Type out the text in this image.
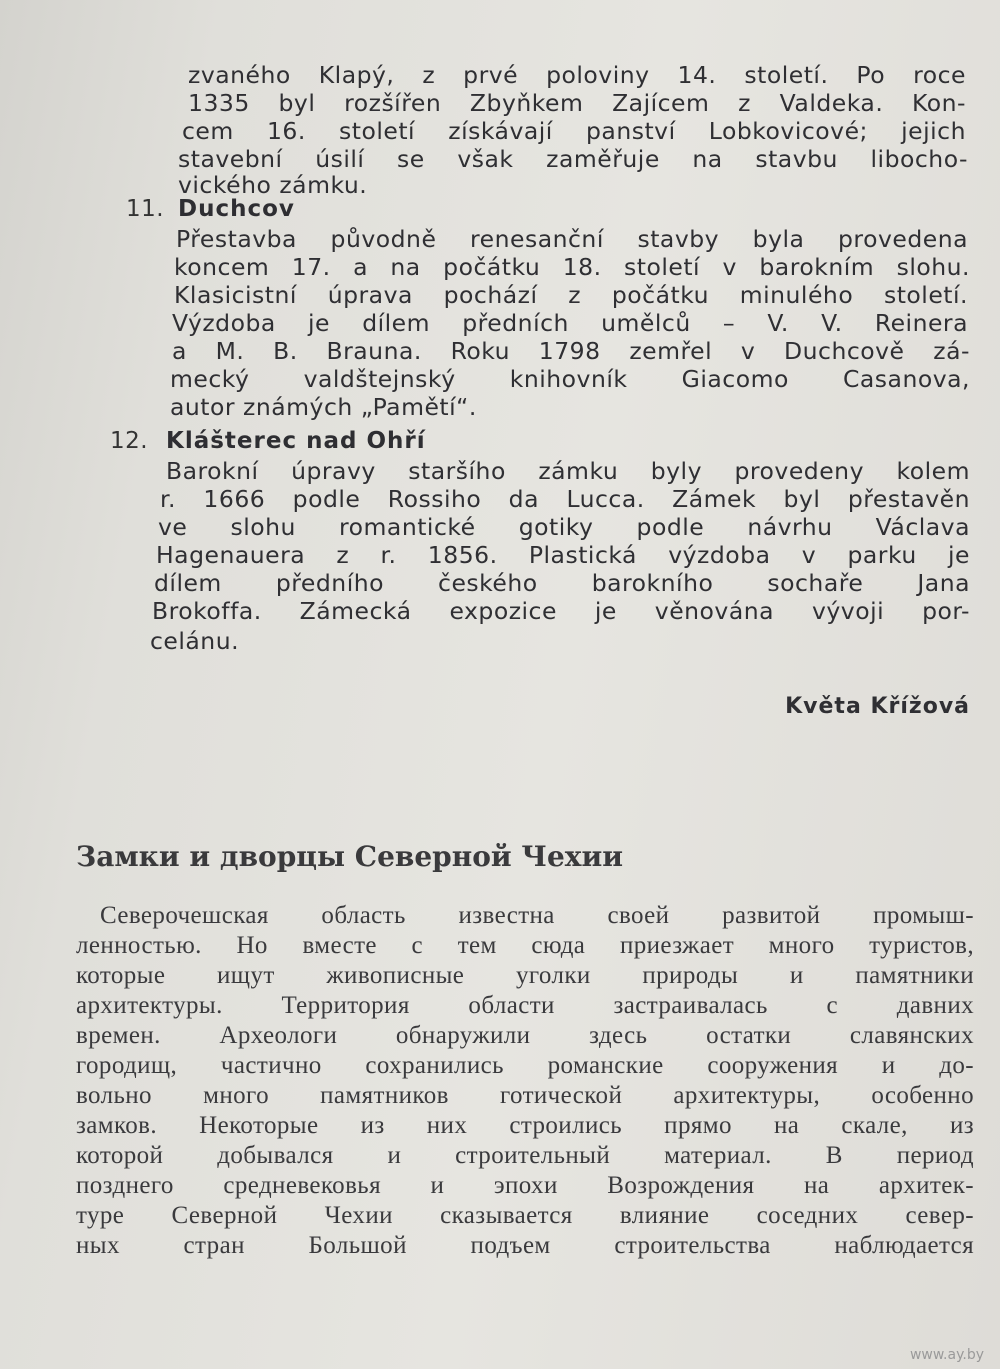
zvaného Klapý, z prvé poloviny 14. století. Po roce
1335 byl rozšířen Zbyňkem Zajícem z Valdeka. Kon-
cem 16. století získávají panství Lobkovicové; jejich
stavební úsilí se však zaměřuje na stavbu libocho-
vického zámku.
11. Duchcov
Přestavba původně renesanční stavby byla provedena
koncem 17. a na počátku 18. století v barokním slohu.
Klasicistní úprava pochází z počátku minulého století.
Výzdoba je dílem předních umělců – V. V. Reinera
a M. B. Brauna. Roku 1798 zemřel v Duchcově zá-
mecký valdštejnský knihovník Giacomo Casanova,
autor známých „Pamětí“.
12. Klášterec nad Ohří
Barokní úpravy staršího zámku byly provedeny kolem
r. 1666 podle Rossiho da Lucca. Zámek byl přestavěn
ve slohu romantické gotiky podle návrhu Václava
Hagenauera z r. 1856. Plastická výzdoba v parku je
dílem předního českého barokního sochaře Jana
Brokoffa. Zámecká expozice je věnována vývoji por-
celánu.
Květa Křížová
Замки и дворцы Северной Чехии
Северочешская область известна своей развитой промыш-
ленностью. Но вместе с тем сюда приезжает много туристов,
которые ищут живописные уголки природы и памятники
архитектуры. Территория области застраивалась с давних
времен. Археологи обнаружили здесь остатки славянских
городищ, частично сохранились романские сооружения и до-
вольно много памятников готической архитектуры, особенно
замков. Некоторые из них строились прямо на скале, из
которой добывался и строительный материал. В период
позднего средневековья и эпохи Возрождения на архитек-
туре Северной Чехии сказывается влияние соседних север-
ных стран Большой подъем строительства наблюдается
www.ay.by
